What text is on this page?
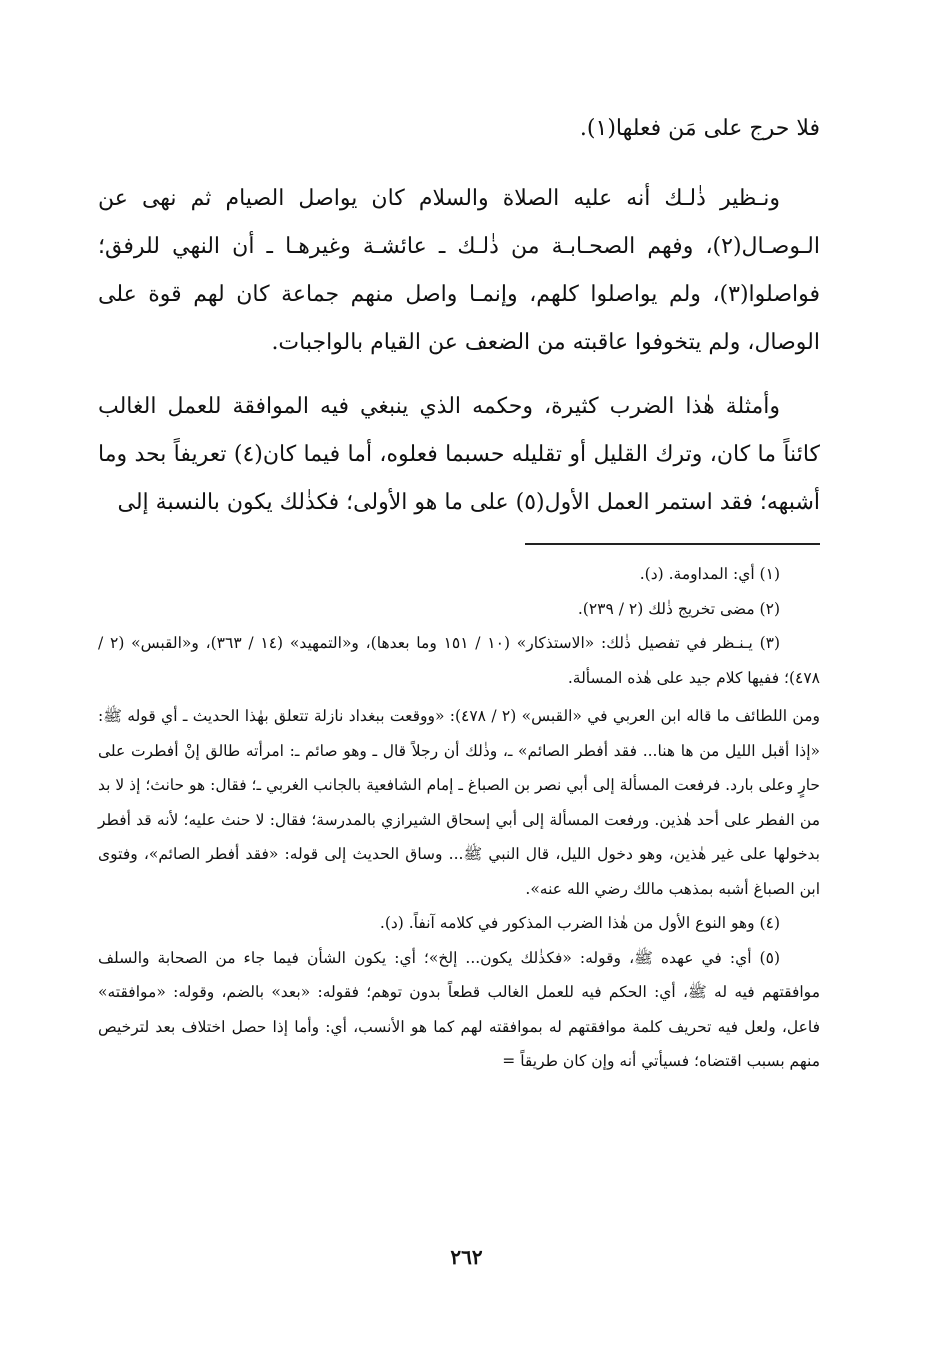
فلا حرج على مَن فعلها(١).

ونـظير ذٰلـك أنه عليه الصلاة والسلام كان يواصل الصيام ثم نهى عن الـوصـال(٢)، وفهم الصحـابـة من ذٰلـك ـ عائشـة وغيرهـا ـ أن النهي للرفق؛ فواصلوا(٣)، ولم يواصلوا كلهم، وإنمـا واصل منهم جماعة كان لهم قوة على الوصال، ولم يتخوفوا عاقبته من الضعف عن القيام بالواجبات.

وأمثلة هٰذا الضرب كثيرة، وحكمه الذي ينبغي فيه الموافقة للعمل الغالب كائناً ما كان، وترك القليل أو تقليله حسبما فعلوه، أما فيما كان(٤) تعريفاً بحد وما أشبهه؛ فقد استمر العمل الأول(٥) على ما هو الأولى؛ فكذٰلك يكون بالنسبة إلى

(١) أي: المداومة. (د).

(٢) مضى تخريج ذٰلك (٢ / ٢٣٩).

(٣) يـنـظر في تفصيل ذٰلك: «الاستذكار» (١٠ / ١٥١ وما بعدها)، و«التمهيد» (١٤ / ٣٦٣)، و«القبس» (٢ / ٤٧٨)؛ ففيها كلام جيد على هٰذه المسألة.

ومن اللطائف ما قاله ابن العربي في «القبس» (٢ / ٤٧٨): «ووقعت ببغداد نازلة تتعلق بهٰذا الحديث ـ أي قوله ﷺ: «إذا أقبل الليل من ها هنا... فقد أفطر الصائم» ـ، وذٰلك أن رجلاً قال ـ وهو صائم ـ: امرأته طالق إنْ أفطرت على حارٍ وعلى بارد. فرفعت المسألة إلى أبي نصر بن الصباغ ـ إمام الشافعية بالجانب الغربي ـ؛ فقال: هو حانث؛ إذ لا بد من الفطر على أحد هٰذين. ورفعت المسألة إلى أبي إسحاق الشيرازي بالمدرسة؛ فقال: لا حنث عليه؛ لأنه قد أفطر بدخولها على غير هٰذين، وهو دخول الليل، قال النبي ﷺ... وساق الحديث إلى قوله: «فقد أفطر الصائم»، وفتوى ابن الصباغ أشبه بمذهب مالك رضي الله عنه».

(٤) وهو النوع الأول من هٰذا الضرب المذكور في كلامه آنفاً. (د).

(٥) أي: في عهده ﷺ، وقوله: «فكذٰلك يكون... إلخ»؛ أي: يكون الشأن فيما جاء من الصحابة والسلف موافقتهم فيه له ﷺ، أي: الحكم فيه للعمل الغالب قطعاً بدون توهم؛ فقوله: «بعد» بالضم، وقوله: «موافقته» فاعل، ولعل فيه تحريف كلمة موافقتهم له بموافقته لهم كما هو الأنسب، أي: وأما إذا حصل اختلاف بعد لترخيص منهم بسبب اقتضاه؛ فسيأتي أنه وإن كان طريقاً =

٢٦٢
